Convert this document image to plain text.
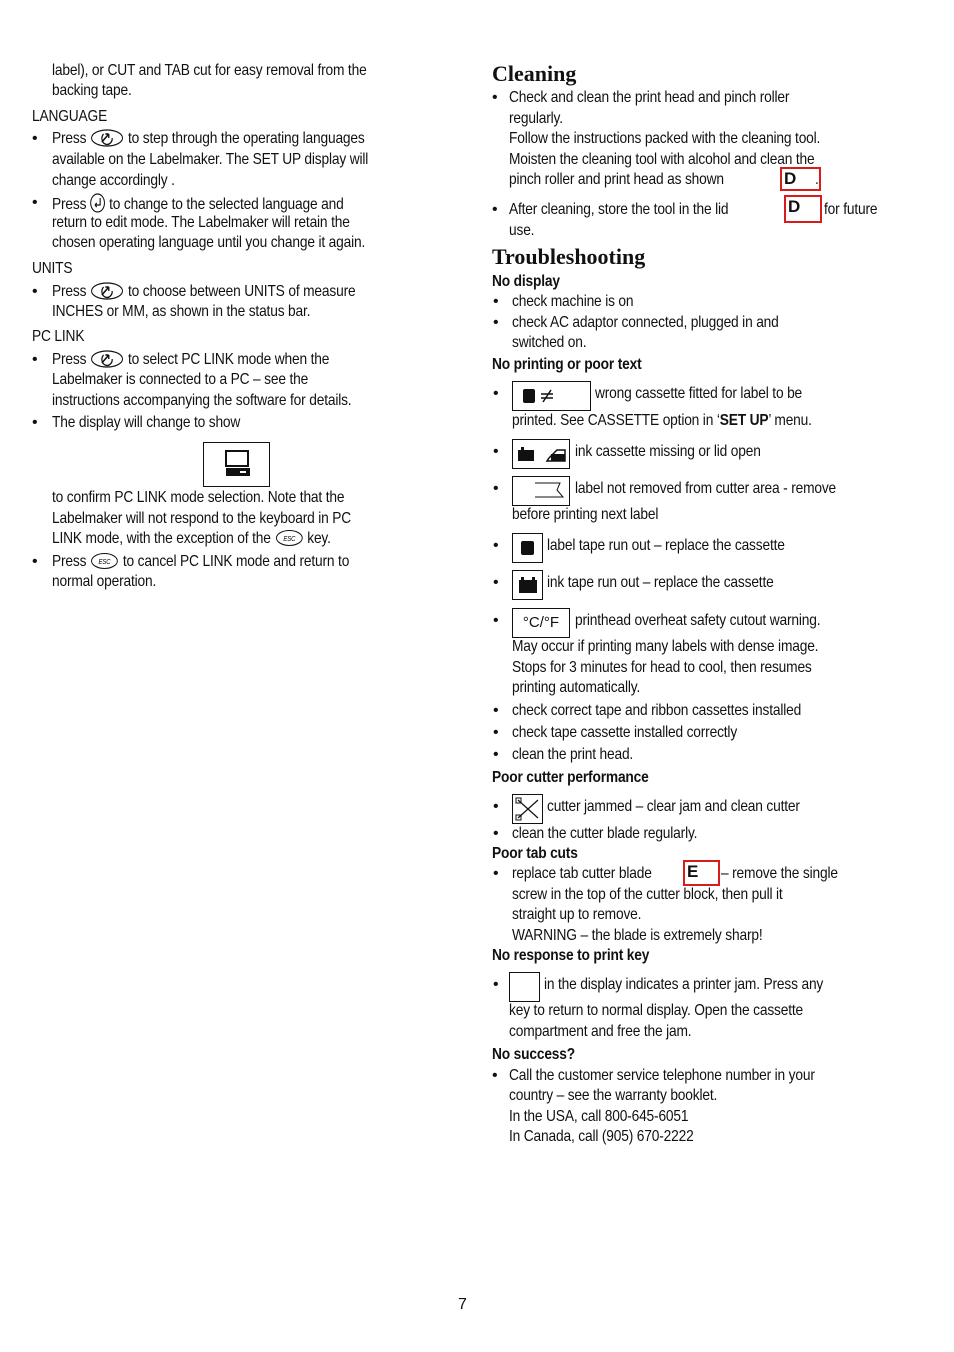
label), or CUT and TAB cut for easy removal from the
backing tape.
LANGUAGE
• Press	to step through the operating languages
available on the Labelmaker. The SET UP display will
change accordingly .
• Press to change to the selected language and
return to edit mode. The Labelmaker will retain the
chosen operating language until you change it again.
UNITS
• Press	to choose between UNITS of measure
INCHES or MM, as shown in the status bar.
PC LINK
• Press	to select PC LINK mode when the
Labelmaker is connected to a PC – see the
instructions accompanying the software for details.
• The display will change to show
to confirm PC LINK mode selection. Note that the
Labelmaker will not respond to the keyboard in PC
LINK mode, with the exception of the ESC key.
• Press ESC to cancel PC LINK mode and return to
normal operation.
Cleaning
• Check and clean the print head and pinch roller
regularly.
Follow the instructions packed with the cleaning tool.
Moisten the cleaning tool with alcohol and clean the
pinch roller and print head as shown	D	.
• After cleaning, store the tool in the lid	D	for future
use.
Troubleshooting
No display
• check machine is on
• check AC adaptor connected, plugged in and
switched on.
No printing or poor text
•	wrong cassette fitted for label to be
printed. See CASSETTE option in ‘SET UP’ menu.
•	ink cassette missing or lid open
•	label not removed from cutter area - remove
before printing next label
•	label tape run out – replace the cassette
•	ink tape run out – replace the cassette
•	°C/°F printhead overheat safety cutout warning.
May occur if printing many labels with dense image.
Stops for 3 minutes for head to cool, then resumes
printing automatically.
• check correct tape and ribbon cassettes installed
• check tape cassette installed correctly
• clean the print head.
Poor cutter performance
•	cutter jammed – clear jam and clean cutter
• clean the cutter blade regularly.
Poor tab cuts
• replace tab cutter blade E	– remove the single
screw in the top of the cutter block, then pull it
straight up to remove.
WARNING – the blade is extremely sharp!
No response to print key
•	in the display indicates a printer jam. Press any
key to return to normal display. Open the cassette
compartment and free the jam.
No success?
• Call the customer service telephone number in your
country – see the warranty booklet.
In the USA, call 800-645-6051
In Canada, call (905) 670-2222
7
